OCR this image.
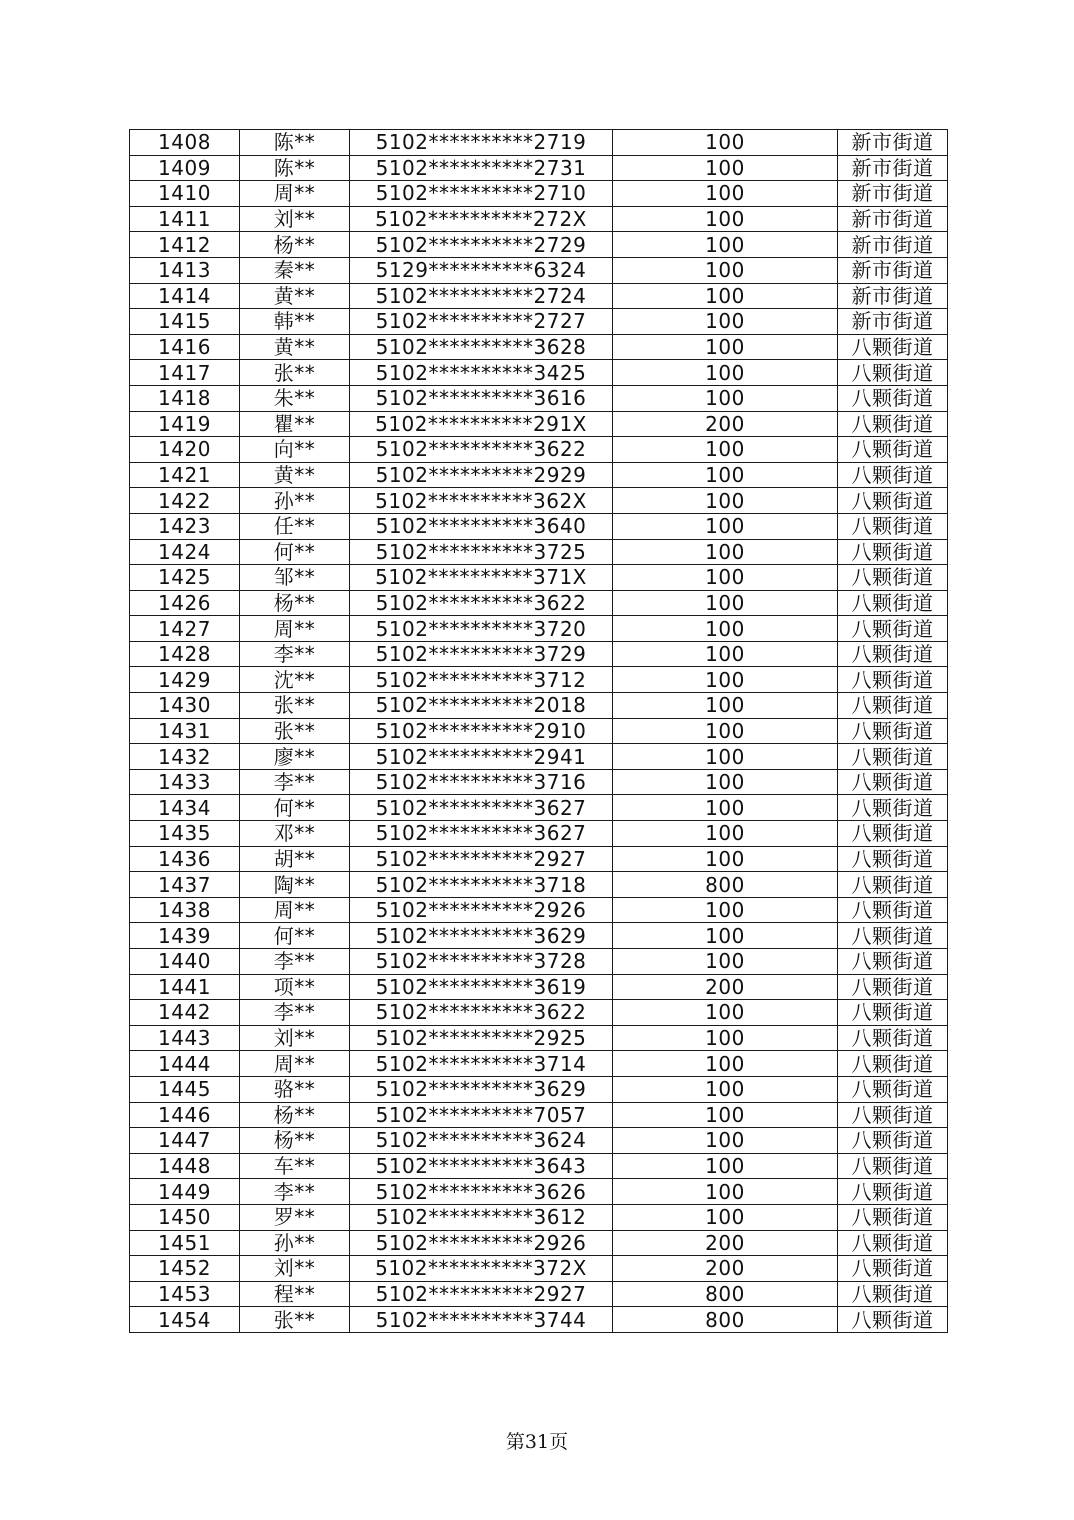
1408	陈**	5102**********2719	100	新市街道
1409	陈**	5102**********2731	100	新市街道
1410	周**	5102**********2710	100	新市街道
1411	刘**	5102**********272X	100	新市街道
1412	杨**	5102**********2729	100	新市街道
1413	秦**	5129**********6324	100	新市街道
1414	黄**	5102**********2724	100	新市街道
1415	韩**	5102**********2727	100	新市街道
1416	黄**	5102**********3628	100	八颗街道
1417	张**	5102**********3425	100	八颗街道
1418	朱**	5102**********3616	100	八颗街道
1419	瞿**	5102**********291X	200	八颗街道
1420	向**	5102**********3622	100	八颗街道
1421	黄**	5102**********2929	100	八颗街道
1422	孙**	5102**********362X	100	八颗街道
1423	任**	5102**********3640	100	八颗街道
1424	何**	5102**********3725	100	八颗街道
1425	邹**	5102**********371X	100	八颗街道
1426	杨**	5102**********3622	100	八颗街道
1427	周**	5102**********3720	100	八颗街道
1428	李**	5102**********3729	100	八颗街道
1429	沈**	5102**********3712	100	八颗街道
1430	张**	5102**********2018	100	八颗街道
1431	张**	5102**********2910	100	八颗街道
1432	廖**	5102**********2941	100	八颗街道
1433	李**	5102**********3716	100	八颗街道
1434	何**	5102**********3627	100	八颗街道
1435	邓**	5102**********3627	100	八颗街道
1436	胡**	5102**********2927	100	八颗街道
1437	陶**	5102**********3718	800	八颗街道
1438	周**	5102**********2926	100	八颗街道
1439	何**	5102**********3629	100	八颗街道
1440	李**	5102**********3728	100	八颗街道
1441	项**	5102**********3619	200	八颗街道
1442	李**	5102**********3622	100	八颗街道
1443	刘**	5102**********2925	100	八颗街道
1444	周**	5102**********3714	100	八颗街道
1445	骆**	5102**********3629	100	八颗街道
1446	杨**	5102**********7057	100	八颗街道
1447	杨**	5102**********3624	100	八颗街道
1448	车**	5102**********3643	100	八颗街道
1449	李**	5102**********3626	100	八颗街道
1450	罗**	5102**********3612	100	八颗街道
1451	孙**	5102**********2926	200	八颗街道
1452	刘**	5102**********372X	200	八颗街道
1453	程**	5102**********2927	800	八颗街道
1454	张**	5102**********3744	800	八颗街道
第31页
